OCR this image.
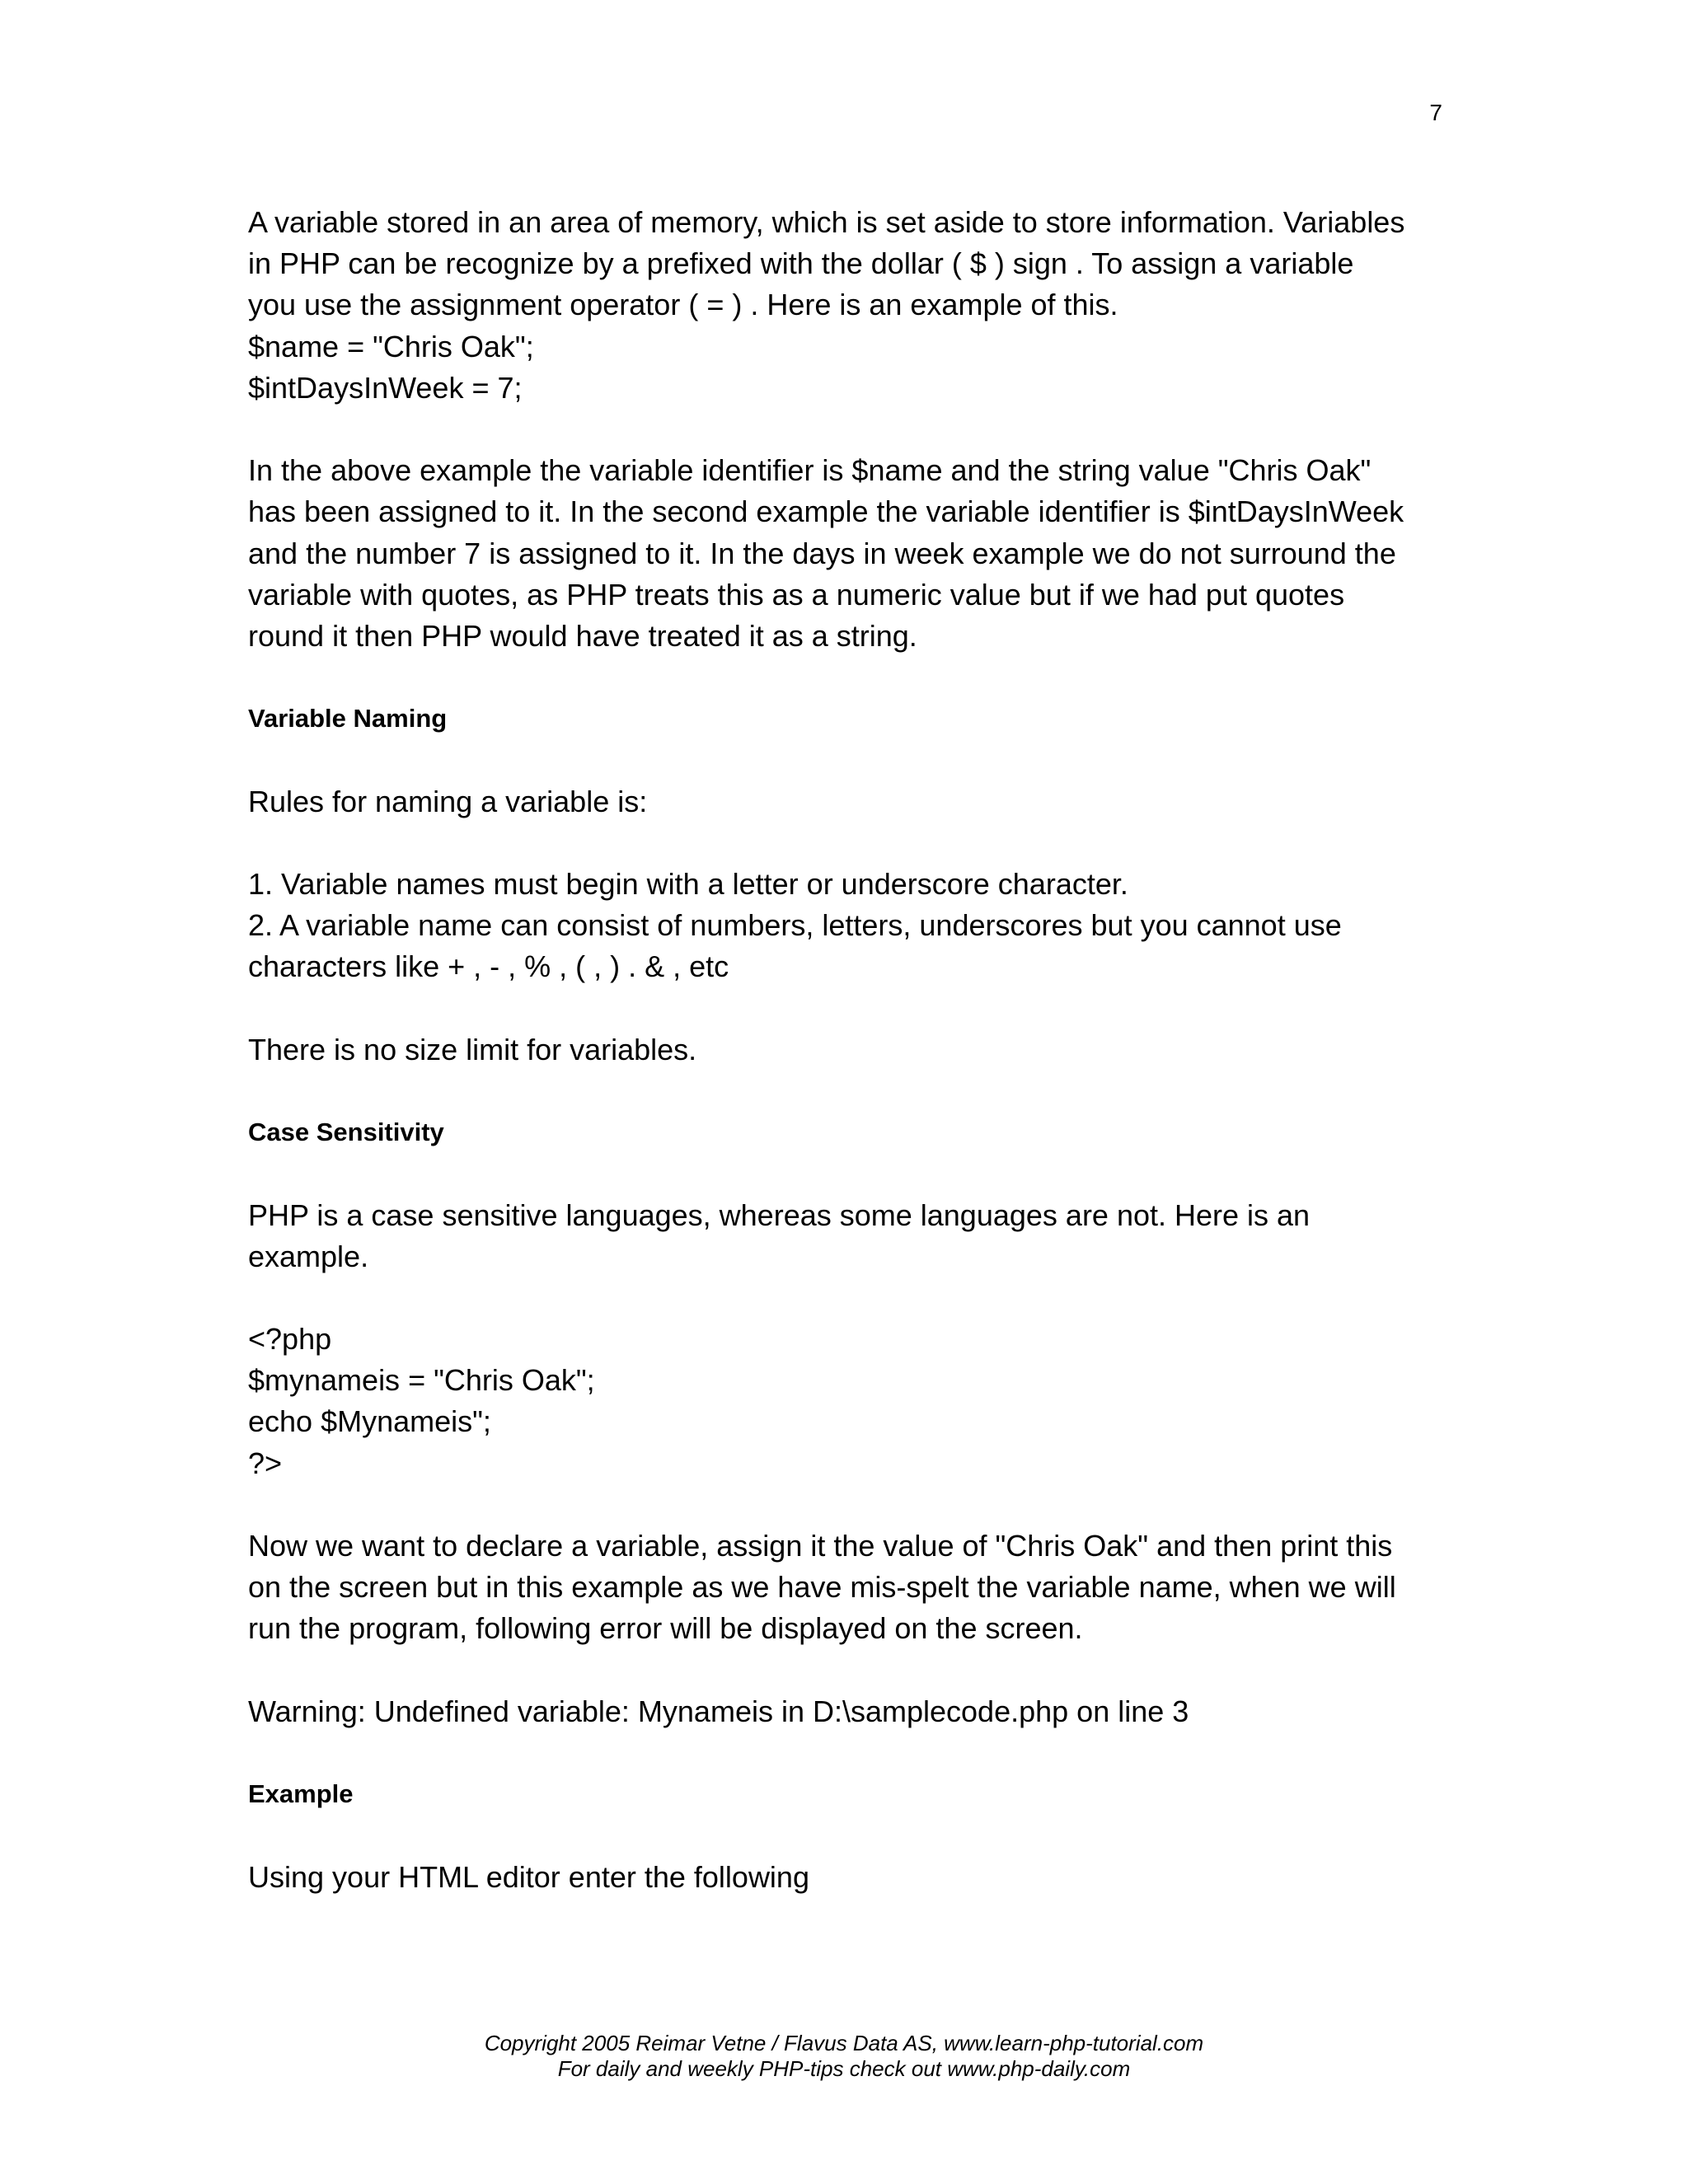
7
A variable stored in an area of memory, which is set aside to store information. Variables
in PHP can be recognize by a prefixed with the dollar ( $ ) sign . To assign a variable
you use the assignment operator ( = ) . Here is an example of this.
$name = "Chris Oak";
$intDaysInWeek = 7;
In the above example the variable identifier is $name and the string value "Chris Oak"
has been assigned to it. In the second example the variable identifier is $intDaysInWeek
and the number 7 is assigned to it. In the days in week example we do not surround the
variable with quotes, as PHP treats this as a numeric value but if we had put quotes
round it then PHP would have treated it as a string.
Variable Naming
Rules for naming a variable is:
1. Variable names must begin with a letter or underscore character.
2. A variable name can consist of numbers, letters, underscores but you cannot use
characters like + , - , % , ( , ) . & , etc
There is no size limit for variables.
Case Sensitivity
PHP is a case sensitive languages, whereas some languages are not. Here is an
example.
<?php
$mynameis = "Chris Oak";
echo $Mynameis";
?>
Now we want to declare a variable, assign it the value of "Chris Oak" and then print this
on the screen but in this example as we have mis-spelt the variable name, when we will
run the program, following error will be displayed on the screen.
Warning: Undefined variable: Mynameis in D:\samplecode.php on line 3
Example
Using your HTML editor enter the following
Copyright 2005 Reimar Vetne / Flavus Data AS, www.learn-php-tutorial.com
For daily and weekly PHP-tips check out www.php-daily.com
